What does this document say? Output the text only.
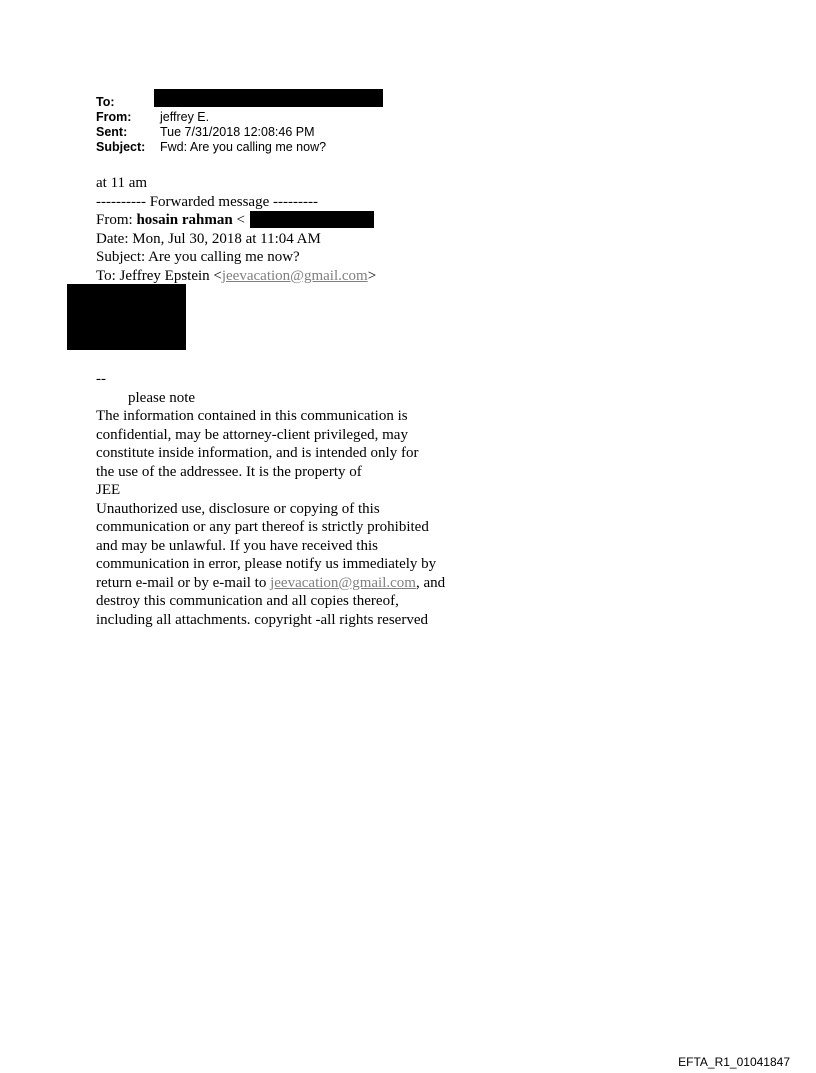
To:
From: jeffrey E.
Sent:	Tue 7/31/2018 12:08:46 PM
Subject: Fwd: Are you calling me now?
at 11 am
---------- Forwarded message ---------
From: hosain rahman <
Date: Mon, Jul 30, 2018 at 11:04 AM
Subject: Are you calling me now?
To: Jeffrey Epstein <jeevacation@gmail.com>
--
please note
The information contained in this communication is
confidential, may be attorney-client privileged, may
constitute inside information, and is intended only for
the use of the addressee. It is the property of
JEE
Unauthorized use, disclosure or copying of this
communication or any part thereof is strictly prohibited
and may be unlawful. If you have received this
communication in error, please notify us immediately by
return e-mail or by e-mail to jeevacation@gmail.com, and
destroy this communication and all copies thereof,
including all attachments. copyright -all rights reserved
EFTA_R1_01041847
